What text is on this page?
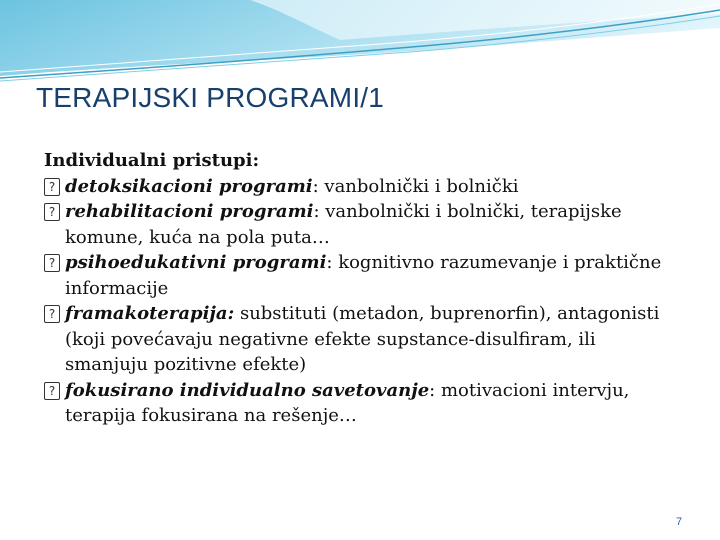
TERAPIJSKI PROGRAMI/1

Individualni pristupi:

? detoksikacioni programi: vanbolnički i bolnički
? rehabilitacioni programi: vanbolnički i bolnički, terapijske komune, kuća na pola puta…
? psihoedukativni programi: kognitivno razumevanje i praktične informacije
? framakoterapija: substituti (metadon, buprenorfin), antagonisti (koji povećavaju negativne efekte supstance-disulfiram, ili smanjuju pozitivne efekte)
? fokusirano individualno savetovanje: motivacioni intervju, terapija fokusirana na rešenje…
7
